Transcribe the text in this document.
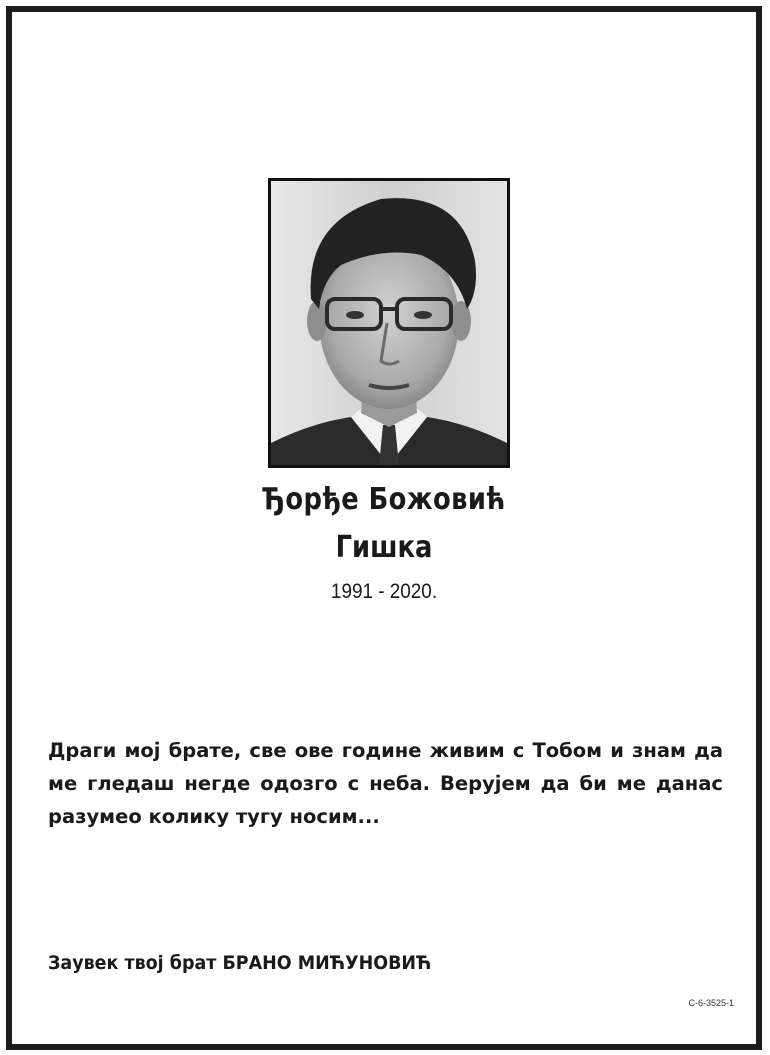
Ђорђе Божовић
Гишка
1991 - 2020.
Драги мој брате, све ове године живим с Тобом и знам да ме гледаш негде одозго с неба. Верујем да би ме данас разумео колику тугу носим...
Заувек твој брат БРАНО МИЋУНОВИЋ
С-6-3525-1
